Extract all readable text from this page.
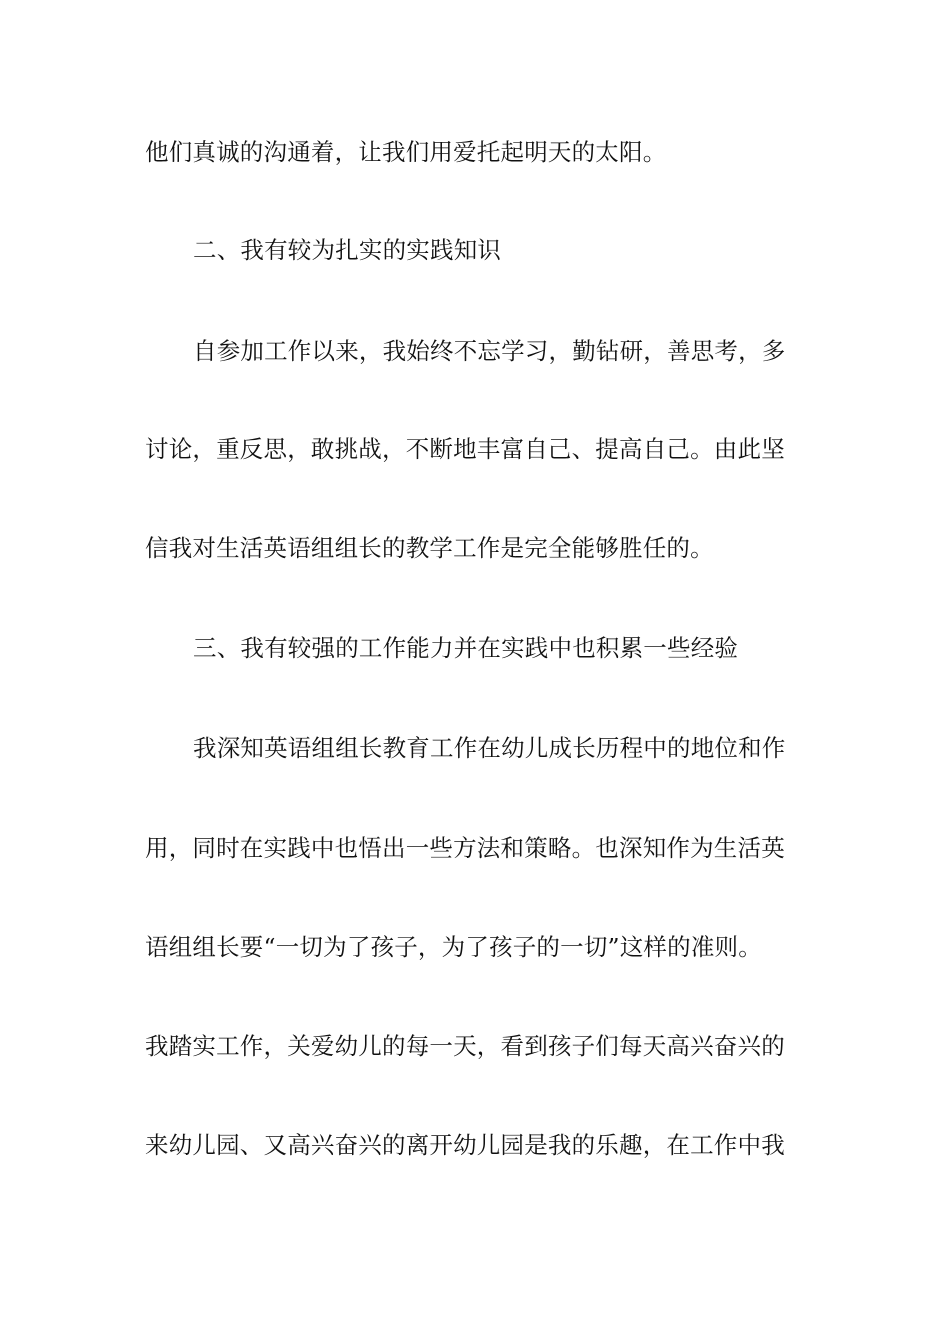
他们真诚的沟通着，让我们用爱托起明天的太阳。
二、我有较为扎实的实践知识
自参加工作以来，我始终不忘学习，勤钻研，善思考，多
讨论，重反思，敢挑战，不断地丰富自己、提高自己。由此坚
信我对生活英语组组长的教学工作是完全能够胜任的。
三、我有较强的工作能力并在实践中也积累一些经验
我深知英语组组长教育工作在幼儿成长历程中的地位和作
用，同时在实践中也悟出一些方法和策略。也深知作为生活英
语组组长要“一切为了孩子，为了孩子的一切”这样的准则。
我踏实工作，关爱幼儿的每一天，看到孩子们每天高兴奋兴的
来幼儿园、又高兴奋兴的离开幼儿园是我的乐趣，在工作中我
